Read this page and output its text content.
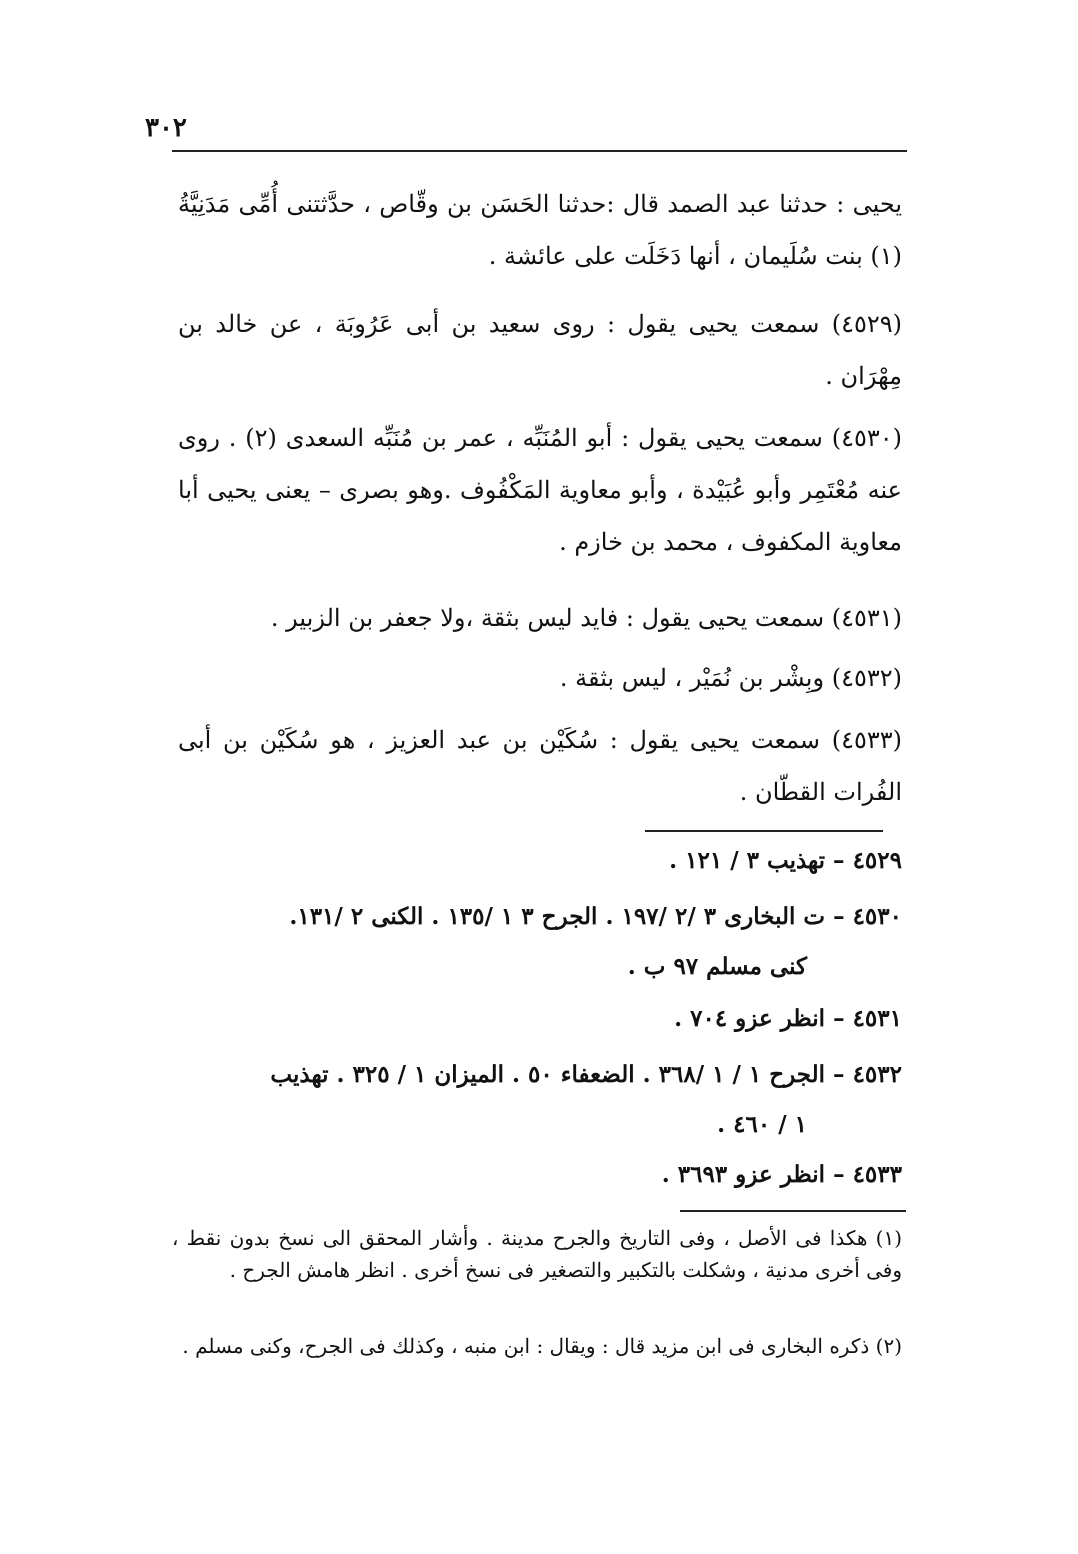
٣٠٢

يحيى : حدثنا عبد الصمد قال :حدثنا الحَسَن بن وقّاص ، حدَّثتنى أُمِّى مَدَنِيَّةُ (١) بنت سُلَيمان ، أنها دَخَلَت على عائشة .

(٤٥٢٩) سمعت يحيى يقول : روى سعيد بن أبى عَرُوبَة ، عن خالد بن مِهْرَان .

(٤٥٣٠) سمعت يحيى يقول : أبو المُنَبِّه ، عمر بن مُنَبِّه السعدى (٢) . روى عنه مُعْتَمِر وأبو عُبَيْدة ، وأبو معاوية المَكْفُوف .وهو بصرى – يعنى يحيى أبا معاوية المكفوف ، محمد بن خازم .

(٤٥٣١) سمعت يحيى يقول : فايد ليس بثقة ،ولا جعفر بن الزبير .

(٤٥٣٢) وبِشْر بن نُمَيْر ، ليس بثقة .

(٤٥٣٣) سمعت يحيى يقول : سُكَيْن بن عبد العزيز ، هو سُكَيْن بن أبى الفُرات القطّان .

٤٥٢٩ – تهذيب ٣ / ١٢١ .
٤٥٣٠ – ت البخارى ٣ /٢ /١٩٧ . الجرح ٣ ١ /١٣٥ . الكنى ٢ /١٣١.
كنى مسلم ٩٧ ب .
٤٥٣١ – انظر عزو ٧٠٤ .
٤٥٣٢ – الجرح ١ / ١ /٣٦٨ . الضعفاء ٥٠ . الميزان ١ / ٣٢٥ . تهذيب
١ / ٤٦٠ .
٤٥٣٣ – انظر عزو ٣٦٩٣ .

(١) هكذا فى الأصل ، وفى التاريخ والجرح مدينة . وأشار المحقق الى نسخ بدون نقط ، وفى أخرى مدنية ، وشكلت بالتكبير والتصغير فى نسخ أخرى . انظر هامش الجرح .

(٢) ذكره البخارى فى ابن مزيد قال : ويقال : ابن منبه ، وكذلك فى الجرح، وكنى مسلم .
